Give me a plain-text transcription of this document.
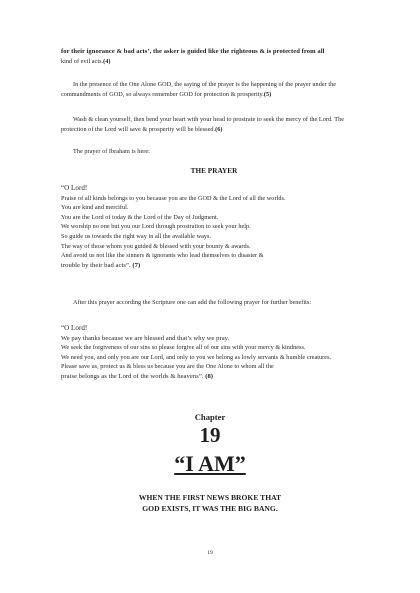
for their ignorance & bad acts’, the asker is guided like the righteous & is protected from all

kind of evil acts.(4)

In the presence of the One Alone GOD, the saying of the prayer is the happening of the prayer under the commandments of GOD, so always remember GOD for protection & prosperity.(5)

Wash & clean yourself, then bend your heart with your head to prostrate to seek the mercy of the Lord. The protection of the Lord will save & prosperity will be blessed.(6)

The prayer of Ibraham is here:

THE PRAYER

“O Lord!

Praise of all kinds belongs to you because you are the GOD & the Lord of all the worlds.

You are kind and merciful.

You are the Lord of today & the Lord of the Day of Judgment.

We worship no one but you our Lord through prostration to seek your help.

So guide us towards the right way in all the available ways.

The way of those whom you guided & blessed with your bounty & awards.

And avoid us not like the sinners & ignorants who lead themselves to disaster &

trouble by their bad acts”. (7)

After this prayer according the Scripture one can add the following prayer for further benefits:

“O Lord!

We pay thanks because we are blessed and that’s why we pray.

We seek the forgiveness of our sins so please forgive all of our sins with your mercy & kindness.

We need you, and only you are our Lord, and only to you we belong as lowly servants & humble creatures.

Please save us, protect us & bless us because you are the One Alone to whom all the

praise belongs as the Lord of the worlds & heavens”. (8)

Chapter
19
“I AM”
WHEN THE FIRST NEWS BROKE THAT
GOD EXISTS, IT WAS THE BIG BANG.
19
